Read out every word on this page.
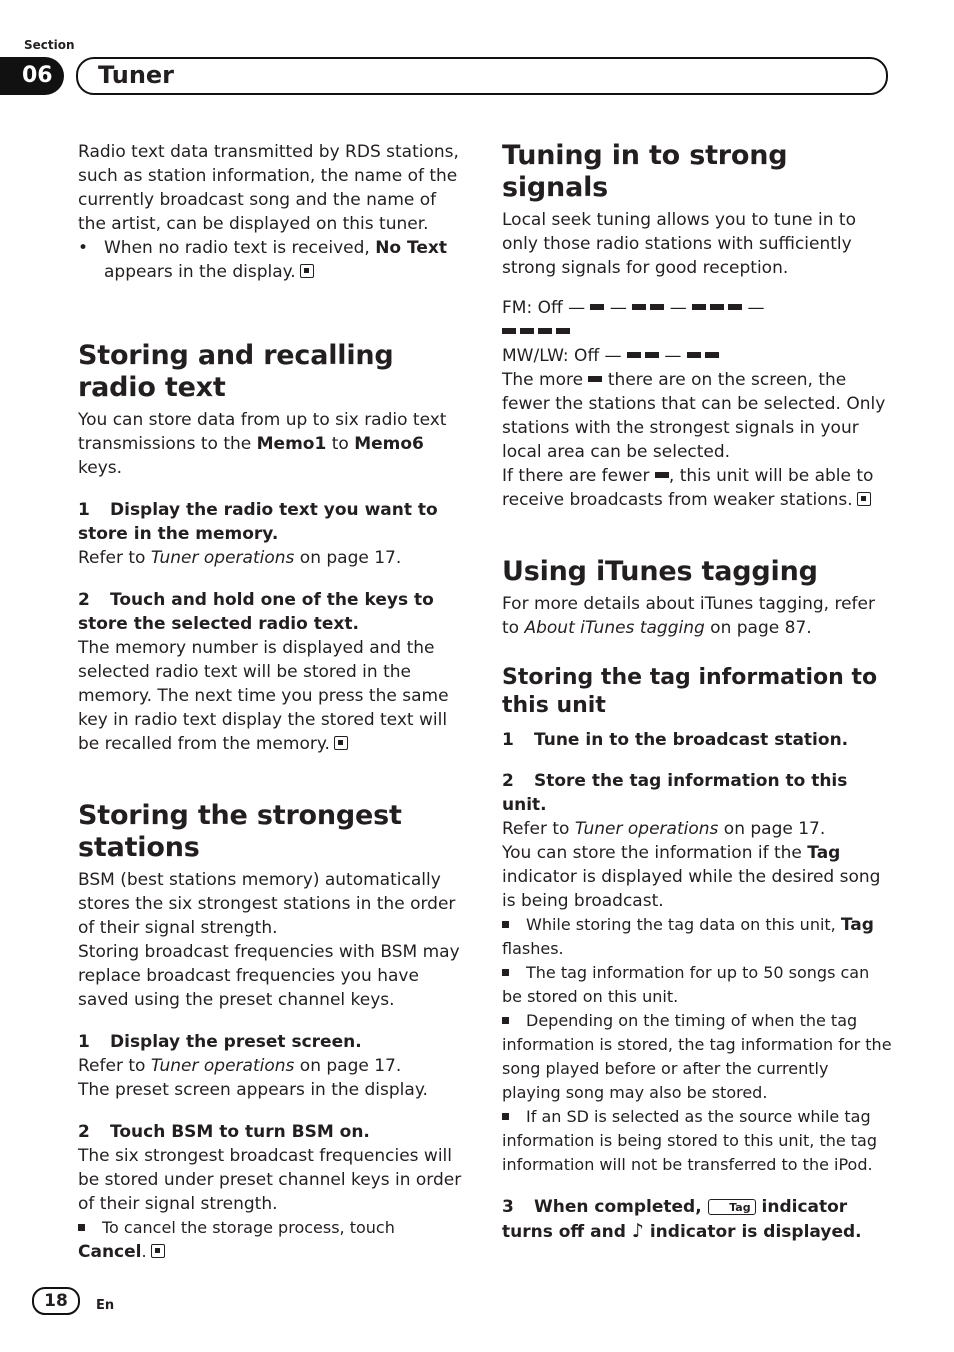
Section
06	Tuner

Radio text data transmitted by RDS stations, such as station information, the name of the currently broadcast song and the name of the artist, can be displayed on this tuner.

• When no radio text is received, No Text appears in the display.

Storing and recalling radio text

You can store data from up to six radio text transmissions to the Memo1 to Memo6 keys.

1 Display the radio text you want to store in the memory.

Refer to Tuner operations on page 17.

2 Touch and hold one of the keys to store the selected radio text.

The memory number is displayed and the selected radio text will be stored in the memory. The next time you press the same key in radio text display the stored text will be recalled from the memory.

Storing the strongest stations

BSM (best stations memory) automatically stores the six strongest stations in the order of their signal strength.

Storing broadcast frequencies with BSM may replace broadcast frequencies you have saved using the preset channel keys.

1 Display the preset screen.

Refer to Tuner operations on page 17.

The preset screen appears in the display.

2 Touch BSM to turn BSM on.

The six strongest broadcast frequencies will be stored under preset channel keys in order of their signal strength.

To cancel the storage process, touch
Cancel.

Tuning in to strong signals

Local seek tuning allows you to tune in to only those radio stations with sufficiently strong signals for good reception.

FM: Off — —	—	—

MW/LW: Off —	—

The more  there are on the screen, the fewer the stations that can be selected. Only stations with the strongest signals in your local area can be selected.

If there are fewer , this unit will be able to receive broadcasts from weaker stations.

Using iTunes tagging

For more details about iTunes tagging, refer to About iTunes tagging on page 87.

Storing the tag information to this unit

1 Tune in to the broadcast station.

2 Store the tag information to this unit.

Refer to Tuner operations on page 17.

You can store the information if the Tag indicator is displayed while the desired song is being broadcast.

While storing the tag data on this unit, Tag
flashes.

The tag information for up to 50 songs can be stored on this unit.

Depending on the timing of when the tag information is stored, the tag information for the song played before or after the currently playing song may also be stored.

If an SD is selected as the source while tag information is being stored to this unit, the tag information will not be transferred to the iPod.

3 When completed, Tag indicator turns off and ♪ indicator is displayed.

18	En
